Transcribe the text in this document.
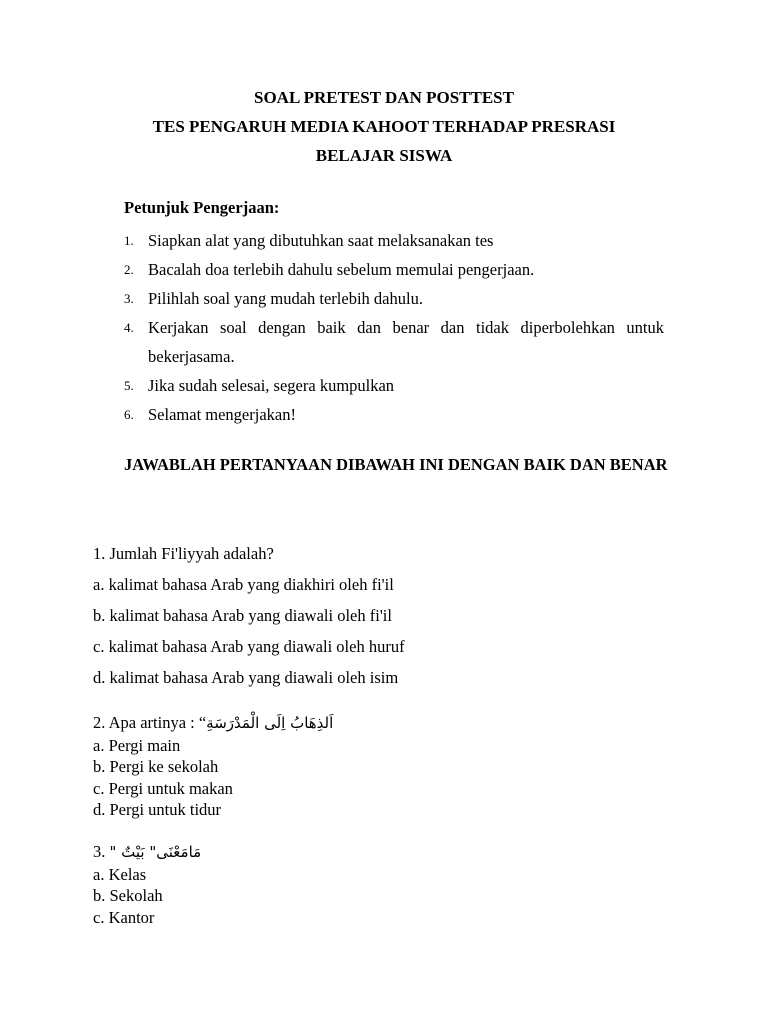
SOAL PRETEST DAN POSTTEST
TES PENGARUH MEDIA KAHOOT TERHADAP PRESRASI
BELAJAR SISWA
Petunjuk Pengerjaan:
1. Siapkan alat yang dibutuhkan saat melaksanakan tes
2. Bacalah doa terlebih dahulu sebelum memulai pengerjaan.
3. Pilihlah soal yang mudah terlebih dahulu.
4. Kerjakan soal dengan baik dan benar dan tidak diperbolehkan untuk bekerjasama.
5. Jika sudah selesai, segera kumpulkan
6. Selamat mengerjakan!
JAWABLAH PERTANYAAN DIBAWAH INI DENGAN BAIK DAN BENAR
1. Jumlah Fi'liyyah adalah?
a. kalimat bahasa Arab yang diakhiri oleh fi'il
b. kalimat bahasa Arab yang diawali oleh fi'il
c. kalimat bahasa Arab yang diawali oleh huruf
d. kalimat bahasa Arab yang diawali oleh isim
2. Apa artinya : “اَلذِهَابُ اِلَى الْمَدْرَسَةِ
a. Pergi main
b. Pergi ke sekolah
c. Pergi untuk makan
d. Pergi untuk tidur
3. مَامَعْنَى" بَيْتٌ "
a. Kelas
b. Sekolah
c. Kantor
